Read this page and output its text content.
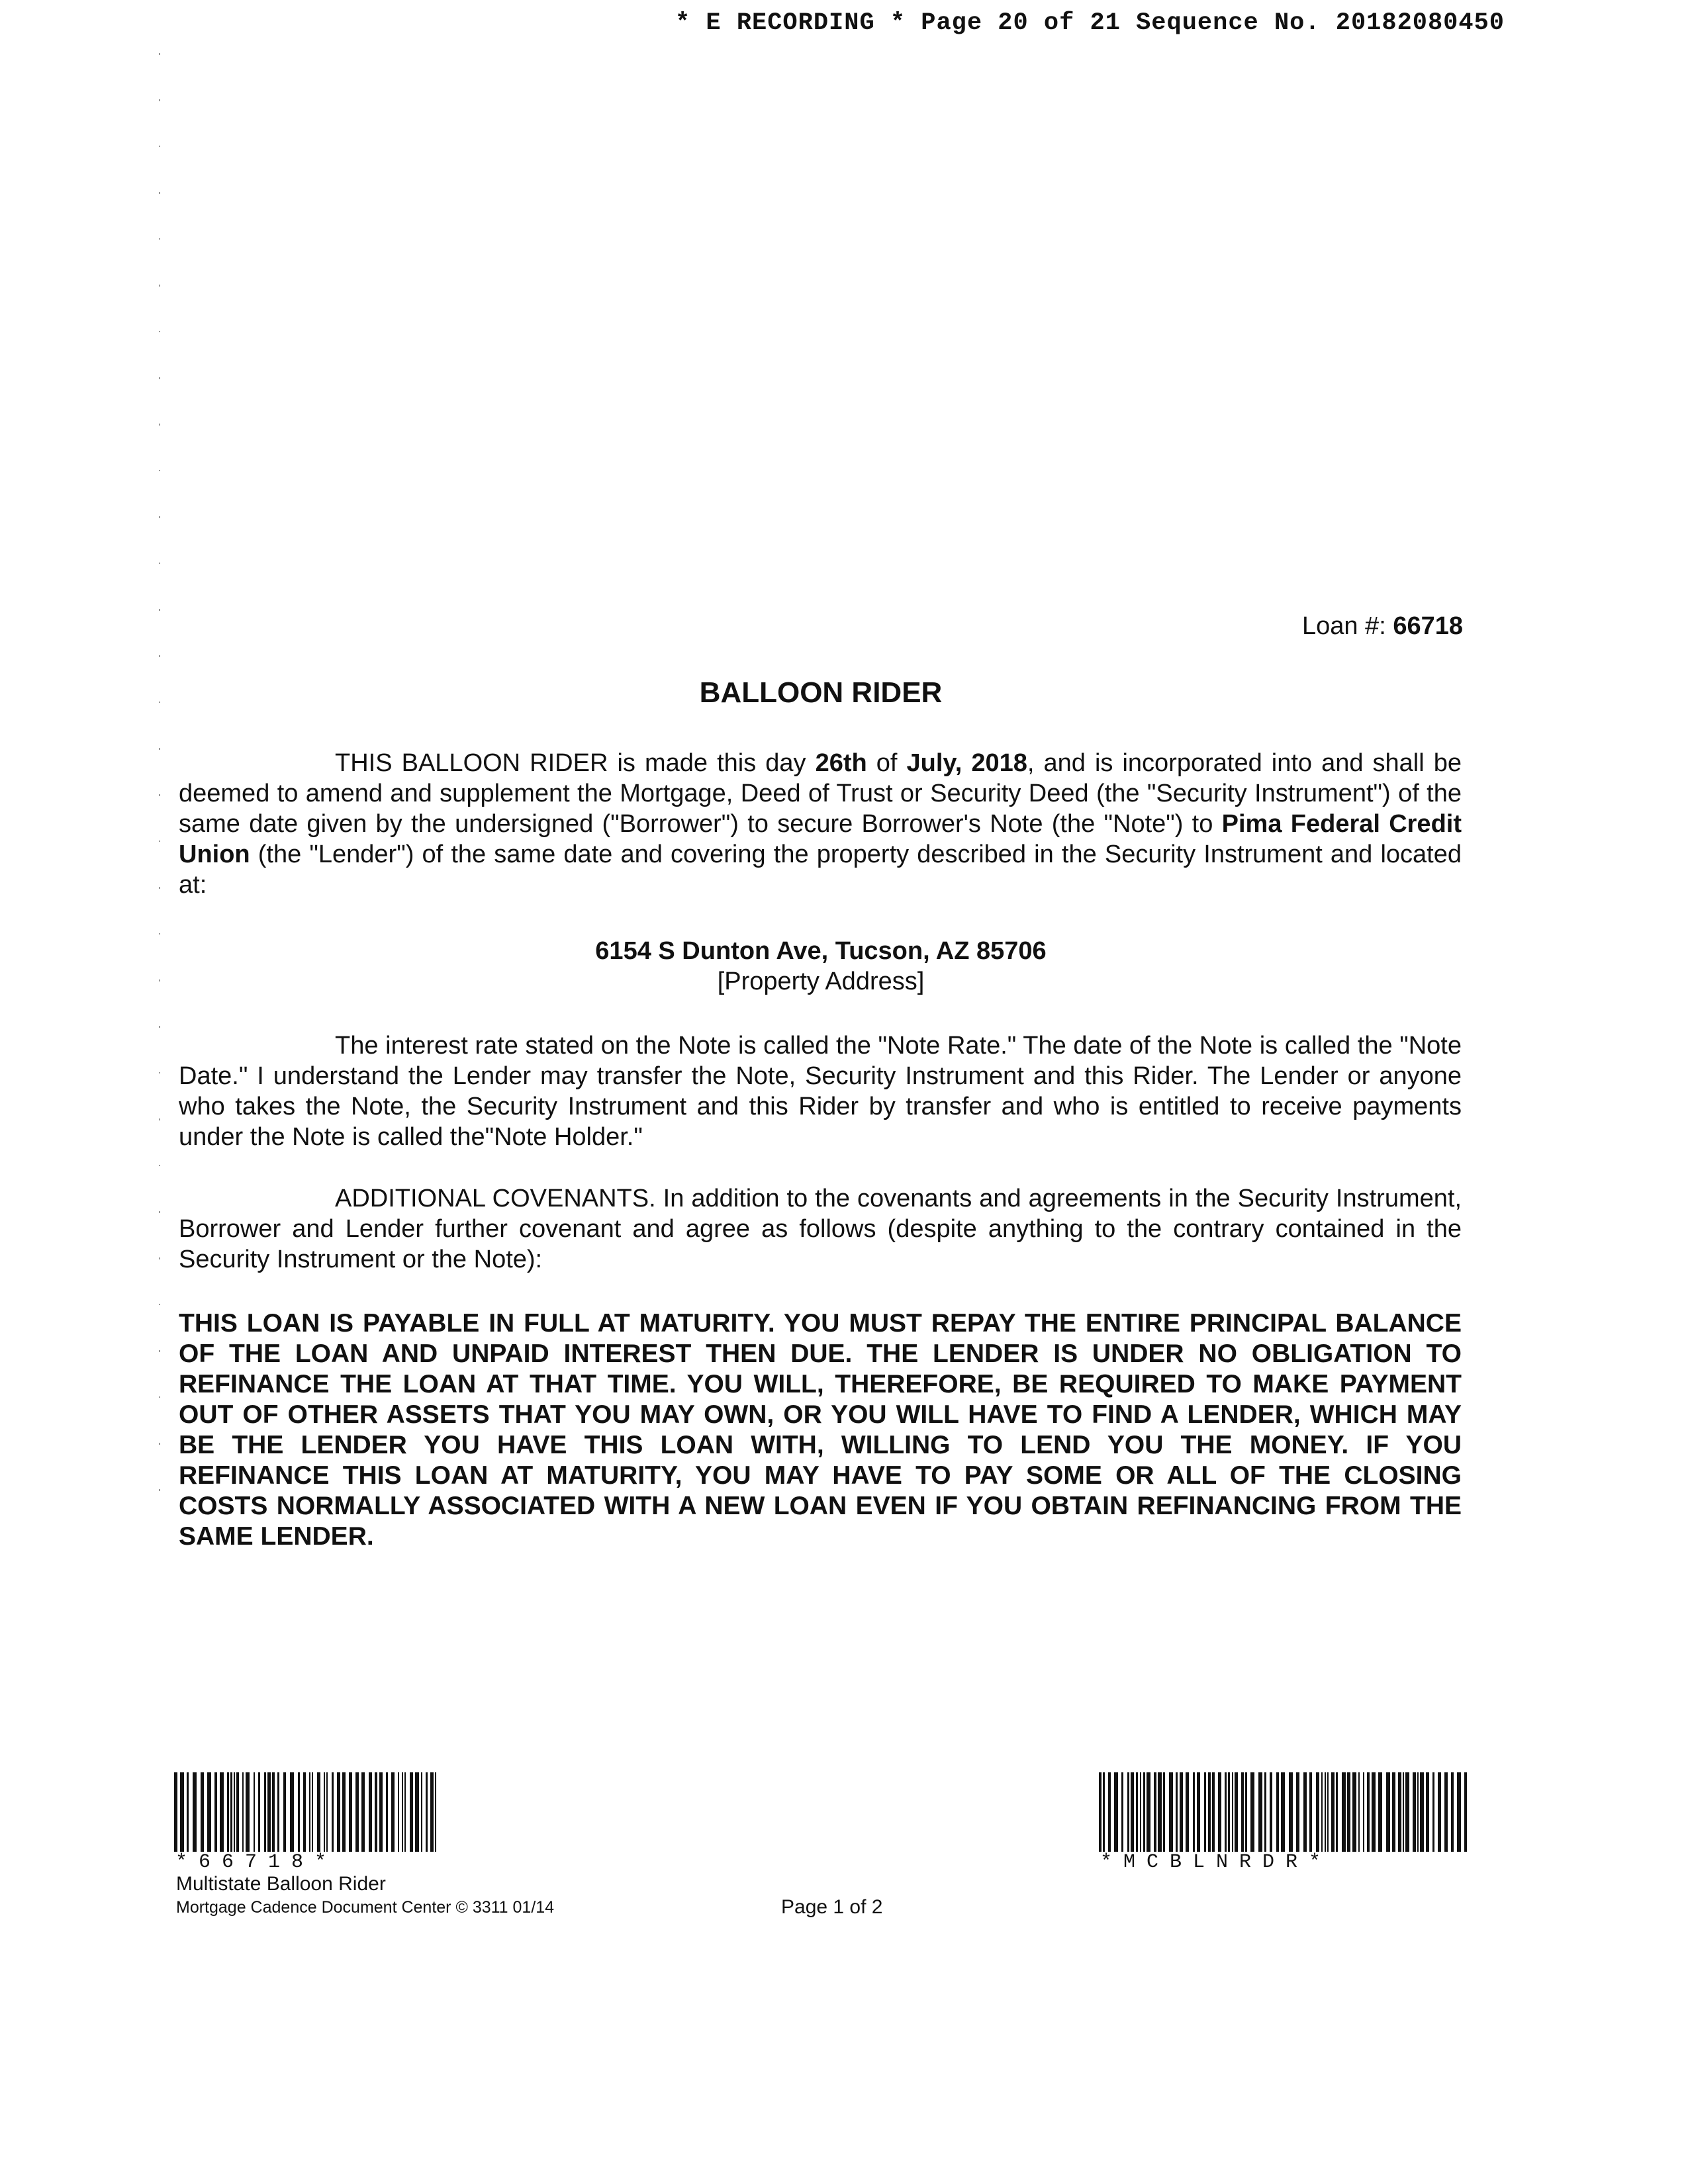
* E RECORDING * Page 20 of 21 Sequence No. 20182080450
Loan #: 66718
BALLOON RIDER
THIS BALLOON RIDER is made this day 26th of July, 2018, and is incorporated into and shall be deemed to amend and supplement the Mortgage, Deed of Trust or Security Deed (the "Security Instrument") of the same date given by the undersigned ("Borrower") to secure Borrower's Note (the "Note") to Pima Federal Credit Union (the "Lender") of the same date and covering the property described in the Security Instrument and located at:
6154 S Dunton Ave, Tucson, AZ 85706
[Property Address]
The interest rate stated on the Note is called the "Note Rate." The date of the Note is called the "Note Date." I understand the Lender may transfer the Note, Security Instrument and this Rider. The Lender or anyone who takes the Note, the Security Instrument and this Rider by transfer and who is entitled to receive payments under the Note is called the"Note Holder."
ADDITIONAL COVENANTS. In addition to the covenants and agreements in the Security Instrument, Borrower and Lender further covenant and agree as follows (despite anything to the contrary contained in the Security Instrument or the Note):
THIS LOAN IS PAYABLE IN FULL AT MATURITY. YOU MUST REPAY THE ENTIRE PRINCIPAL BALANCE OF THE LOAN AND UNPAID INTEREST THEN DUE. THE LENDER IS UNDER NO OBLIGATION TO REFINANCE THE LOAN AT THAT TIME. YOU WILL, THEREFORE, BE REQUIRED TO MAKE PAYMENT OUT OF OTHER ASSETS THAT YOU MAY OWN, OR YOU WILL HAVE TO FIND A LENDER, WHICH MAY BE THE LENDER YOU HAVE THIS LOAN WITH, WILLING TO LEND YOU THE MONEY. IF YOU REFINANCE THIS LOAN AT MATURITY, YOU MAY HAVE TO PAY SOME OR ALL OF THE CLOSING COSTS NORMALLY ASSOCIATED WITH A NEW LOAN EVEN IF YOU OBTAIN REFINANCING FROM THE SAME LENDER.
*66718*	*MCBLNRDR*
Multistate Balloon Rider
Mortgage Cadence Document Center © 3311 01/14	Page 1 of 2
